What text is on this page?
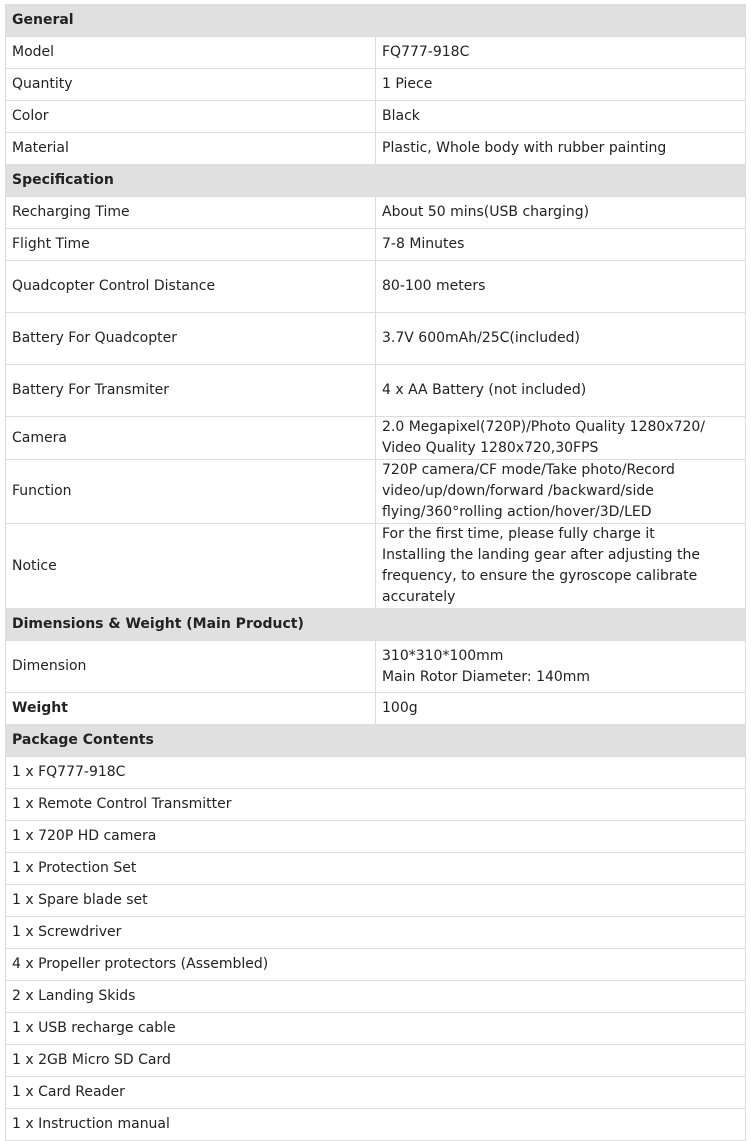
General	
Model	FQ777-918C
Quantity	1 Piece
Color	Black
Material	Plastic, Whole body with rubber painting
Specification	
Recharging Time	About 50 mins(USB charging)
Flight Time	7-8 Minutes
Quadcopter Control Distance	80-100 meters
Battery For Quadcopter	3.7V 600mAh/25C(included)
Battery For Transmiter	4 x AA Battery (not included)
Camera	2.0 Megapixel(720P)/Photo Quality 1280x720/ Video Quality 1280x720,30FPS
Function	720P camera/CF mode/Take photo/Record video/up/down/forward /backward/side flying/360°rolling action/hover/3D/LED
Notice	For the first time, please fully charge it
Installing the landing gear after adjusting the frequency, to ensure the gyroscope calibrate accurately

Dimensions & Weight (Main Product)	
Dimension	310*310*100mm
Main Rotor Diameter: 140mm

Weight	100g
Package Contents	
1 x FQ777-918C	
1 x Remote Control Transmitter	
1 x 720P HD camera	
1 x Protection Set	
1 x Spare blade set	
1 x Screwdriver	
4 x Propeller protectors (Assembled)	
2 x Landing Skids	
1 x USB recharge cable	
1 x 2GB Micro SD Card	
1 x Card Reader	
1 x Instruction manual	
